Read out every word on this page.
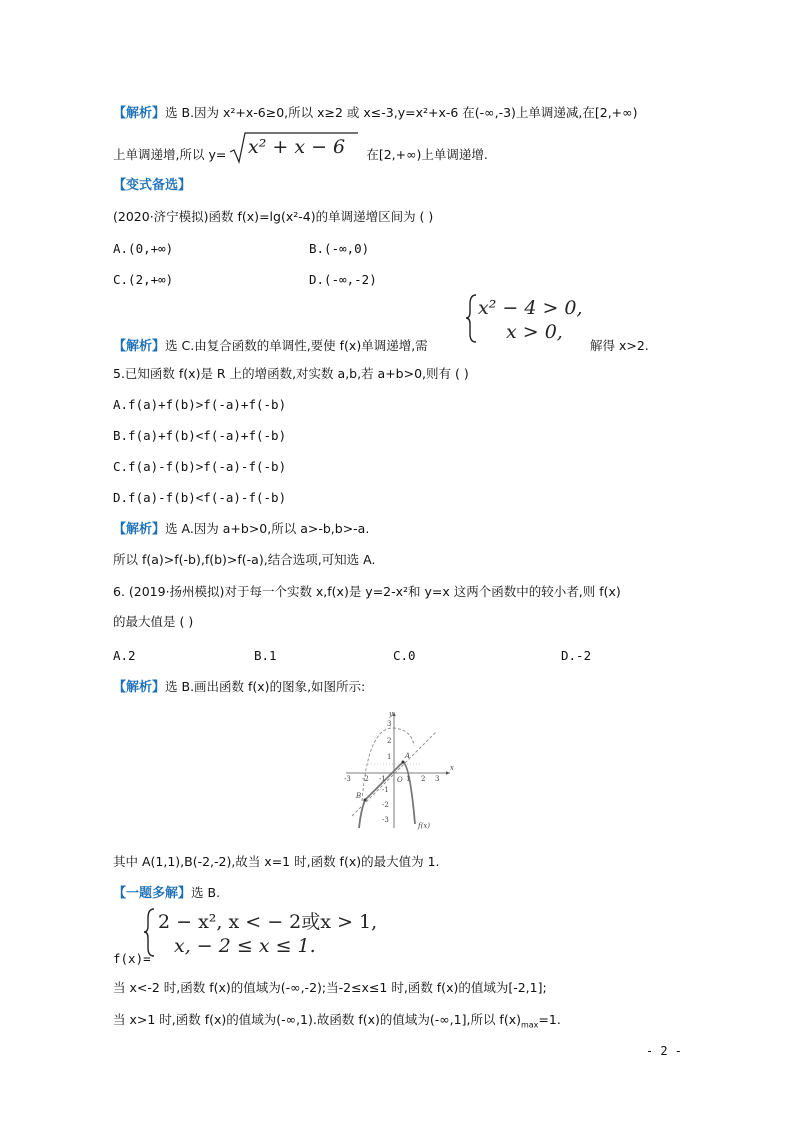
【解析】选 B.因为 x²+x-6≥0,所以 x≥2 或 x≤-3,y=x²+x-6 在(-∞,-3)上单调递减,在[2,+∞)
上单调递增,所以 y=	在[2,+∞)上单调递增.
x² + x − 6
【变式备选】
(2020·济宁模拟)函数 f(x)=lg(x²-4)的单调递增区间为 ( )
A.(0,+∞)	B.(-∞,0)
C.(2,+∞)	D.(-∞,-2)
x² − 4 > 0,
x > 0,
【解析】选 C.由复合函数的单调性,要使 f(x)单调递增,需	解得 x>2.
5.已知函数 f(x)是 R 上的增函数,对实数 a,b,若 a+b>0,则有 ( )
A.f(a)+f(b)>f(-a)+f(-b)
B.f(a)+f(b)<f(-a)+f(-b)
C.f(a)-f(b)>f(-a)-f(-b)
D.f(a)-f(b)<f(-a)-f(-b)
【解析】选 A.因为 a+b>0,所以 a>-b,b>-a.
所以 f(a)>f(-b),f(b)>f(-a),结合选项,可知选 A.
6. (2019·扬州模拟)对于每一个实数 x,f(x)是 y=2-x²和 y=x 这两个函数中的较小者,则 f(x)
的最大值是 ( )
A.2	B.1	C.0	D.-2
【解析】选 B.画出函数 f(x)的图象,如图所示:
-3 -2 -1	1 2 3
3
2
1
-1
-2
-3
x
y
O
A
B
f(x)
其中 A(1,1),B(-2,-2),故当 x=1 时,函数 f(x)的最大值为 1.
【一题多解】选 B.
2 − x², x < − 2或x > 1,
x, − 2 ≤ x ≤ 1.
f(x)=
当 x<-2 时,函数 f(x)的值域为(-∞,-2);当-2≤x≤1 时,函数 f(x)的值域为[-2,1];
当 x>1 时,函数 f(x)的值域为(-∞,1).故函数 f(x)的值域为(-∞,1],所以 $f(x)_{max}=1$.
- 2 -
